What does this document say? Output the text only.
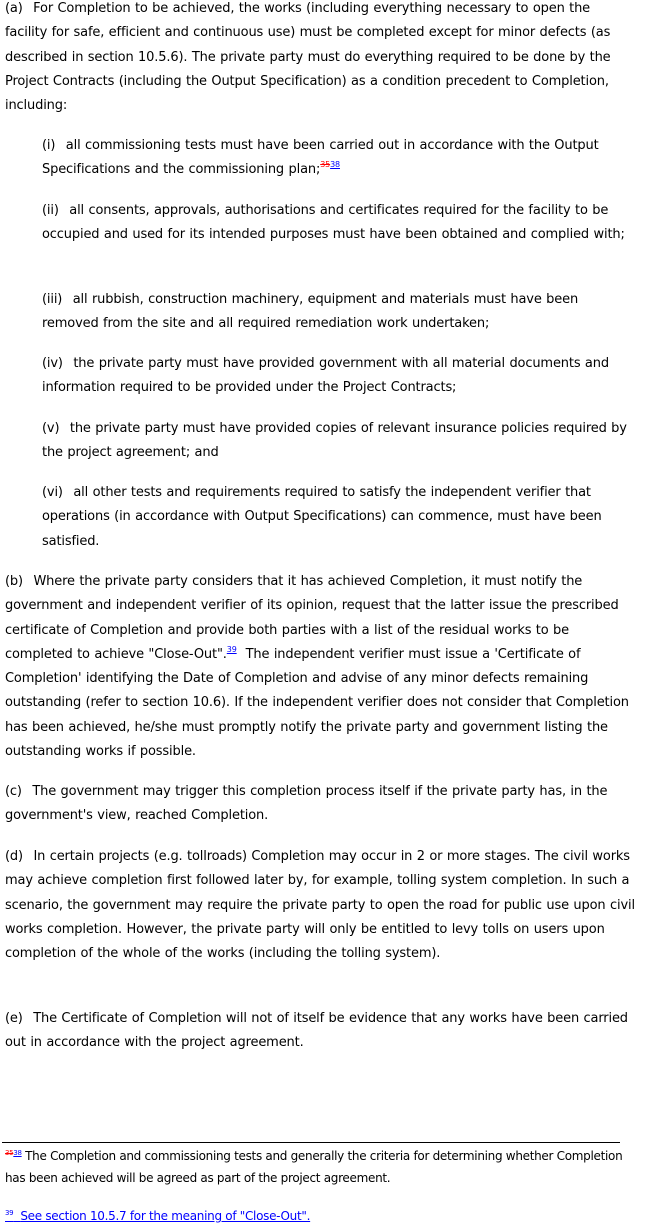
(a) For Completion to be achieved, the works (including everything necessary to open the facility for safe, efficient and continuous use) must be completed except for minor defects (as described in section 10.5.6). The private party must do everything required to be done by the Project Contracts (including the Output Specification) as a condition precedent to Completion, including:

(i) all commissioning tests must have been carried out in accordance with the Output Specifications and the commissioning plan;$^{3538}$

(ii) all consents, approvals, authorisations and certificates required for the facility to be occupied and used for its intended purposes must have been obtained and complied with;

(iii) all rubbish, construction machinery, equipment and materials must have been removed from the site and all required remediation work undertaken;

(iv) the private party must have provided government with all material documents and information required to be provided under the Project Contracts;

(v) the private party must have provided copies of relevant insurance policies required by the project agreement; and

(vi) all other tests and requirements required to satisfy the independent verifier that operations (in accordance with Output Specifications) can commence, must have been satisfied.

(b) Where the private party considers that it has achieved Completion, it must notify the government and independent verifier of its opinion, request that the latter issue the prescribed certificate of Completion and provide both parties with a list of the residual works to be completed to achieve "Close-Out".$^{39}$ The independent verifier must issue a 'Certificate of Completion' identifying the Date of Completion and advise of any minor defects remaining outstanding (refer to section 10.6). If the independent verifier does not consider that Completion has been achieved, he/she must promptly notify the private party and government listing the outstanding works if possible.

(c) The government may trigger this completion process itself if the private party has, in the government's view, reached Completion.

(d) In certain projects (e.g. tollroads) Completion may occur in 2 or more stages. The civil works may achieve completion first followed later by, for example, tolling system completion. In such a scenario, the government may require the private party to open the road for public use upon civil works completion. However, the private party will only be entitled to levy tolls on users upon completion of the whole of the works (including the tolling system).

(e) The Certificate of Completion will not of itself be evidence that any works have been carried out in accordance with the project agreement.

$^{3538}$ The Completion and commissioning tests and generally the criteria for determining whether Completion has been achieved will be agreed as part of the project agreement.

$^{39}$ See section 10.5.7 for the meaning of "Close-Out".
